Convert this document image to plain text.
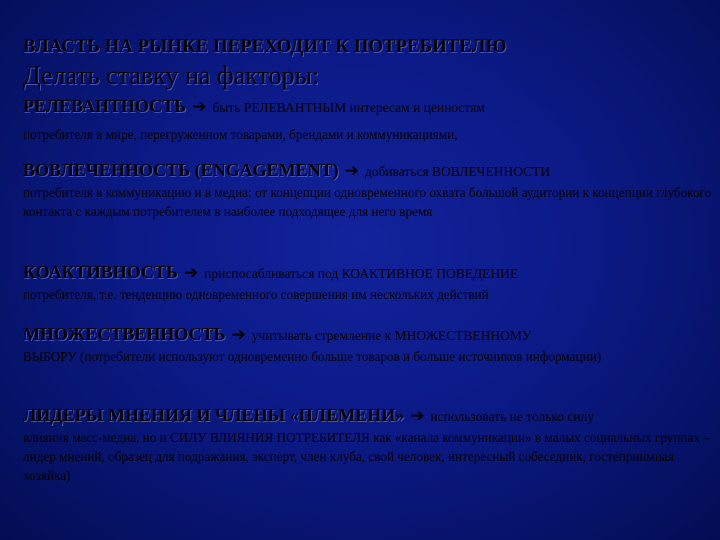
ВЛАСТЬ НА РЫНКЕ ПЕРЕХОДИТ К ПОТРЕБИТЕЛЮ
Делать ставку на факторы:
РЕЛЕВАНТНОСТЬ ➔ быть РЕЛЕВАНТНЫМ интересам и ценностям
потребителя в мире, перегруженном товарами, брендами и коммуникациями,
ВОВЛЕЧЕННОСТЬ (ENGAGEMENT) ➔ добиваться ВОВЛЕЧЕННОСТИ
потребителя в коммуникацию и в медиа: от концепции одновременного охвата большой аудитории к концепции глубокого контакта с каждым потребителем в наиболее подходящее для него время
КОАКТИВНОСТЬ ➔ приспосабливаться под КОАКТИВНОЕ ПОВЕДЕНИЕ
потребителя, т.е. тенденцию одновременного совершения им нескольких действий
МНОЖЕСТВЕННОСТЬ ➔ учитывать стремление к МНОЖЕСТВЕННОМУ
ВЫБОРУ (потребители используют одновременно больше товаров и больше источников информации)
ЛИДЕРЫ МНЕНИЯ И ЧЛЕНЫ «ПЛЕМЕНИ» ➔ использовать не только силу
влияния масс-медиа, но и СИЛУ ВЛИЯНИЯ ПОТРЕБИТЕЛЯ как «канала коммуникации» в малых социальных группах – лидер мнений, образец для подражания, эксперт, член клуба, свой человек, интересный собеседник, гостеприимная хозяйка)
